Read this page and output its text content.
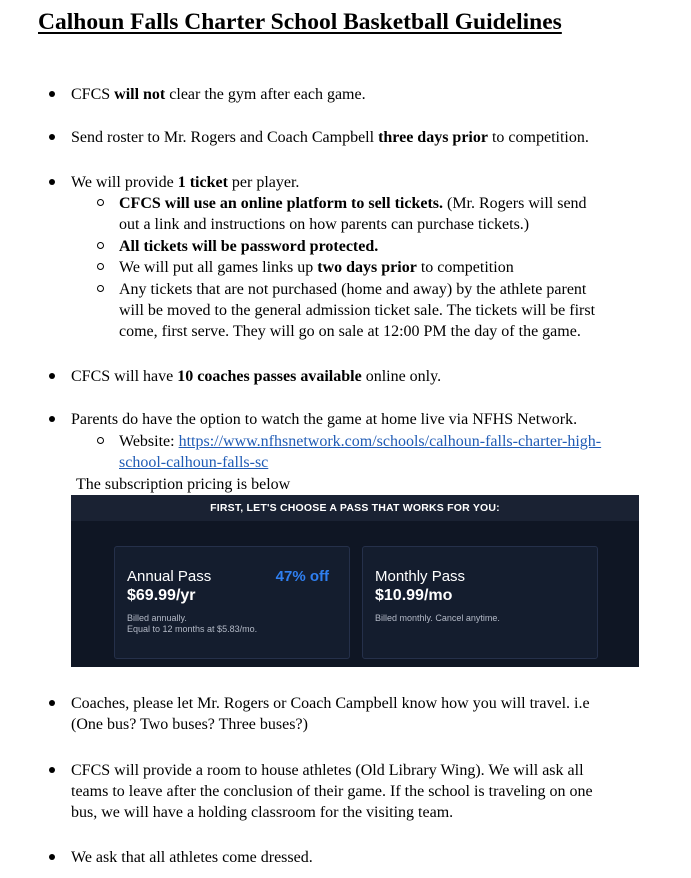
Calhoun Falls Charter School Basketball Guidelines
CFCS will not clear the gym after each game.
Send roster to Mr. Rogers and Coach Campbell three days prior to competition.
We will provide 1 ticket per player.
CFCS will use an online platform to sell tickets. (Mr. Rogers will send
out a link and instructions on how parents can purchase tickets.)
All tickets will be password protected.
We will put all games links up two days prior to competition
Any tickets that are not purchased (home and away) by the athlete parent
will be moved to the general admission ticket sale. The tickets will be first
come, first serve. They will go on sale at 12:00 PM the day of the game.
CFCS will have 10 coaches passes available online only.
Parents do have the option to watch the game at home live via NFHS Network.
Website: https://www.nfhsnetwork.com/schools/calhoun-falls-charter-high-
school-calhoun-falls-sc
The subscription pricing is below
FIRST, LET'S CHOOSE A PASS THAT WORKS FOR YOU:
Annual Pass	47% off
$69.99/yr
Billed annually.
Equal to 12 months at $5.83/mo.
Monthly Pass
$10.99/mo
Billed monthly. Cancel anytime.
Coaches, please let Mr. Rogers or Coach Campbell know how you will travel. i.e
(One bus? Two buses? Three buses?)
CFCS will provide a room to house athletes (Old Library Wing). We will ask all
teams to leave after the conclusion of their game. If the school is traveling on one
bus, we will have a holding classroom for the visiting team.
We ask that all athletes come dressed.
